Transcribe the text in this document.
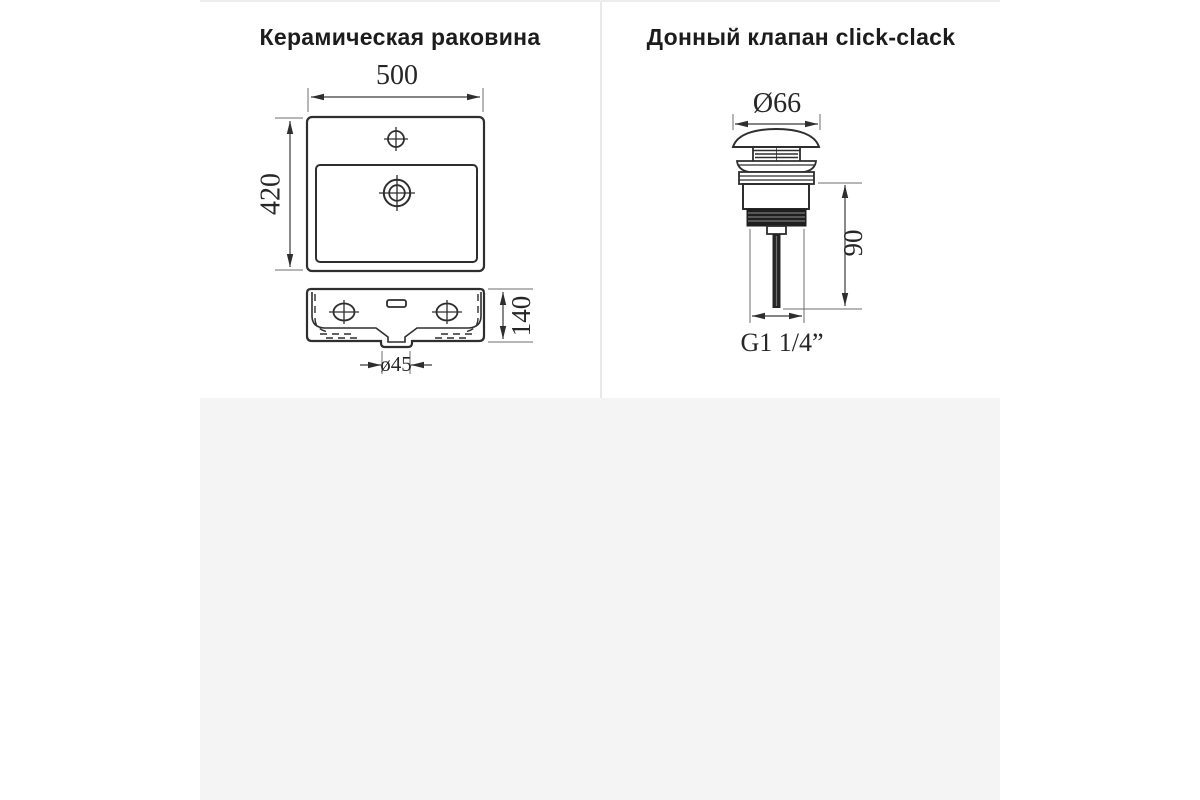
Керамическая раковина	Донный клапан click-clack
500
420
140
ø45
Ø66
90
G1 1/4”
